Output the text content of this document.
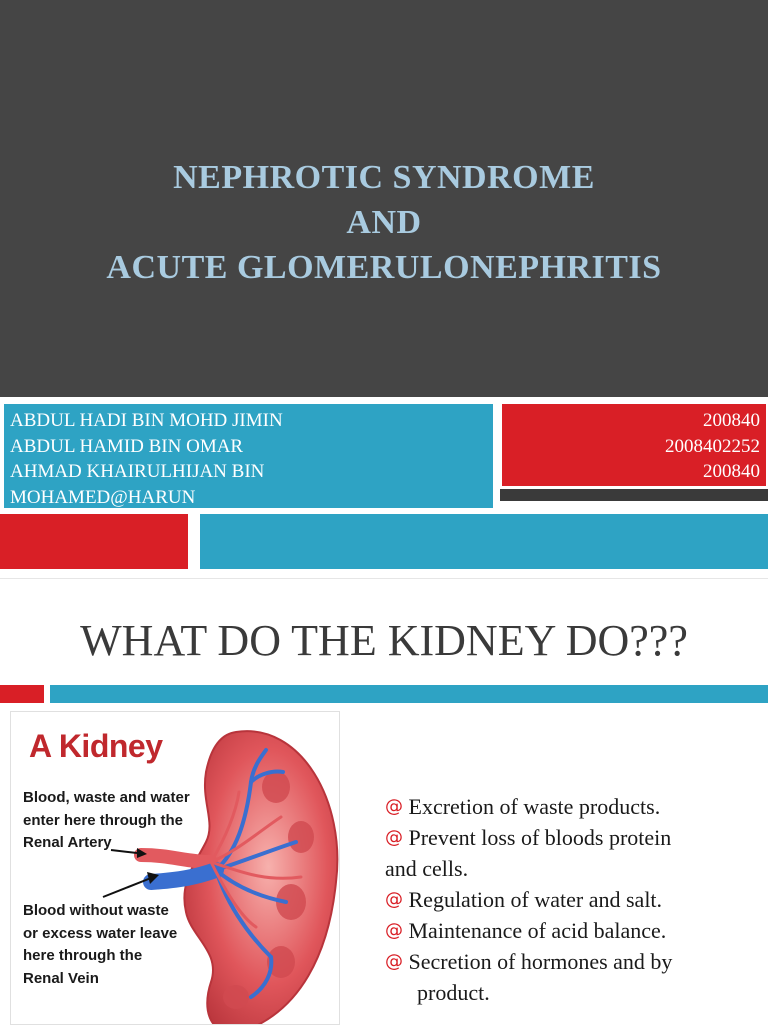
NEPHROTIC SYNDROME
AND
ACUTE GLOMERULONEPHRITIS
ABDUL HADI BIN MOHD JIMIN
ABDUL HAMID BIN OMAR
AHMAD KHAIRULHIJAN BIN
MOHAMED@HARUN
200840
2008402252
200840
WHAT DO THE KIDNEY DO???
A Kidney
Blood, waste and water
enter here through the
Renal Artery
Blood without waste
or excess water leave
here through the
Renal Vein
@ Excretion of waste products.
@ Prevent loss of bloods protein
and cells.
@ Regulation of water and salt.
@ Maintenance of acid balance.
@ Secretion of hormones and by
product.
